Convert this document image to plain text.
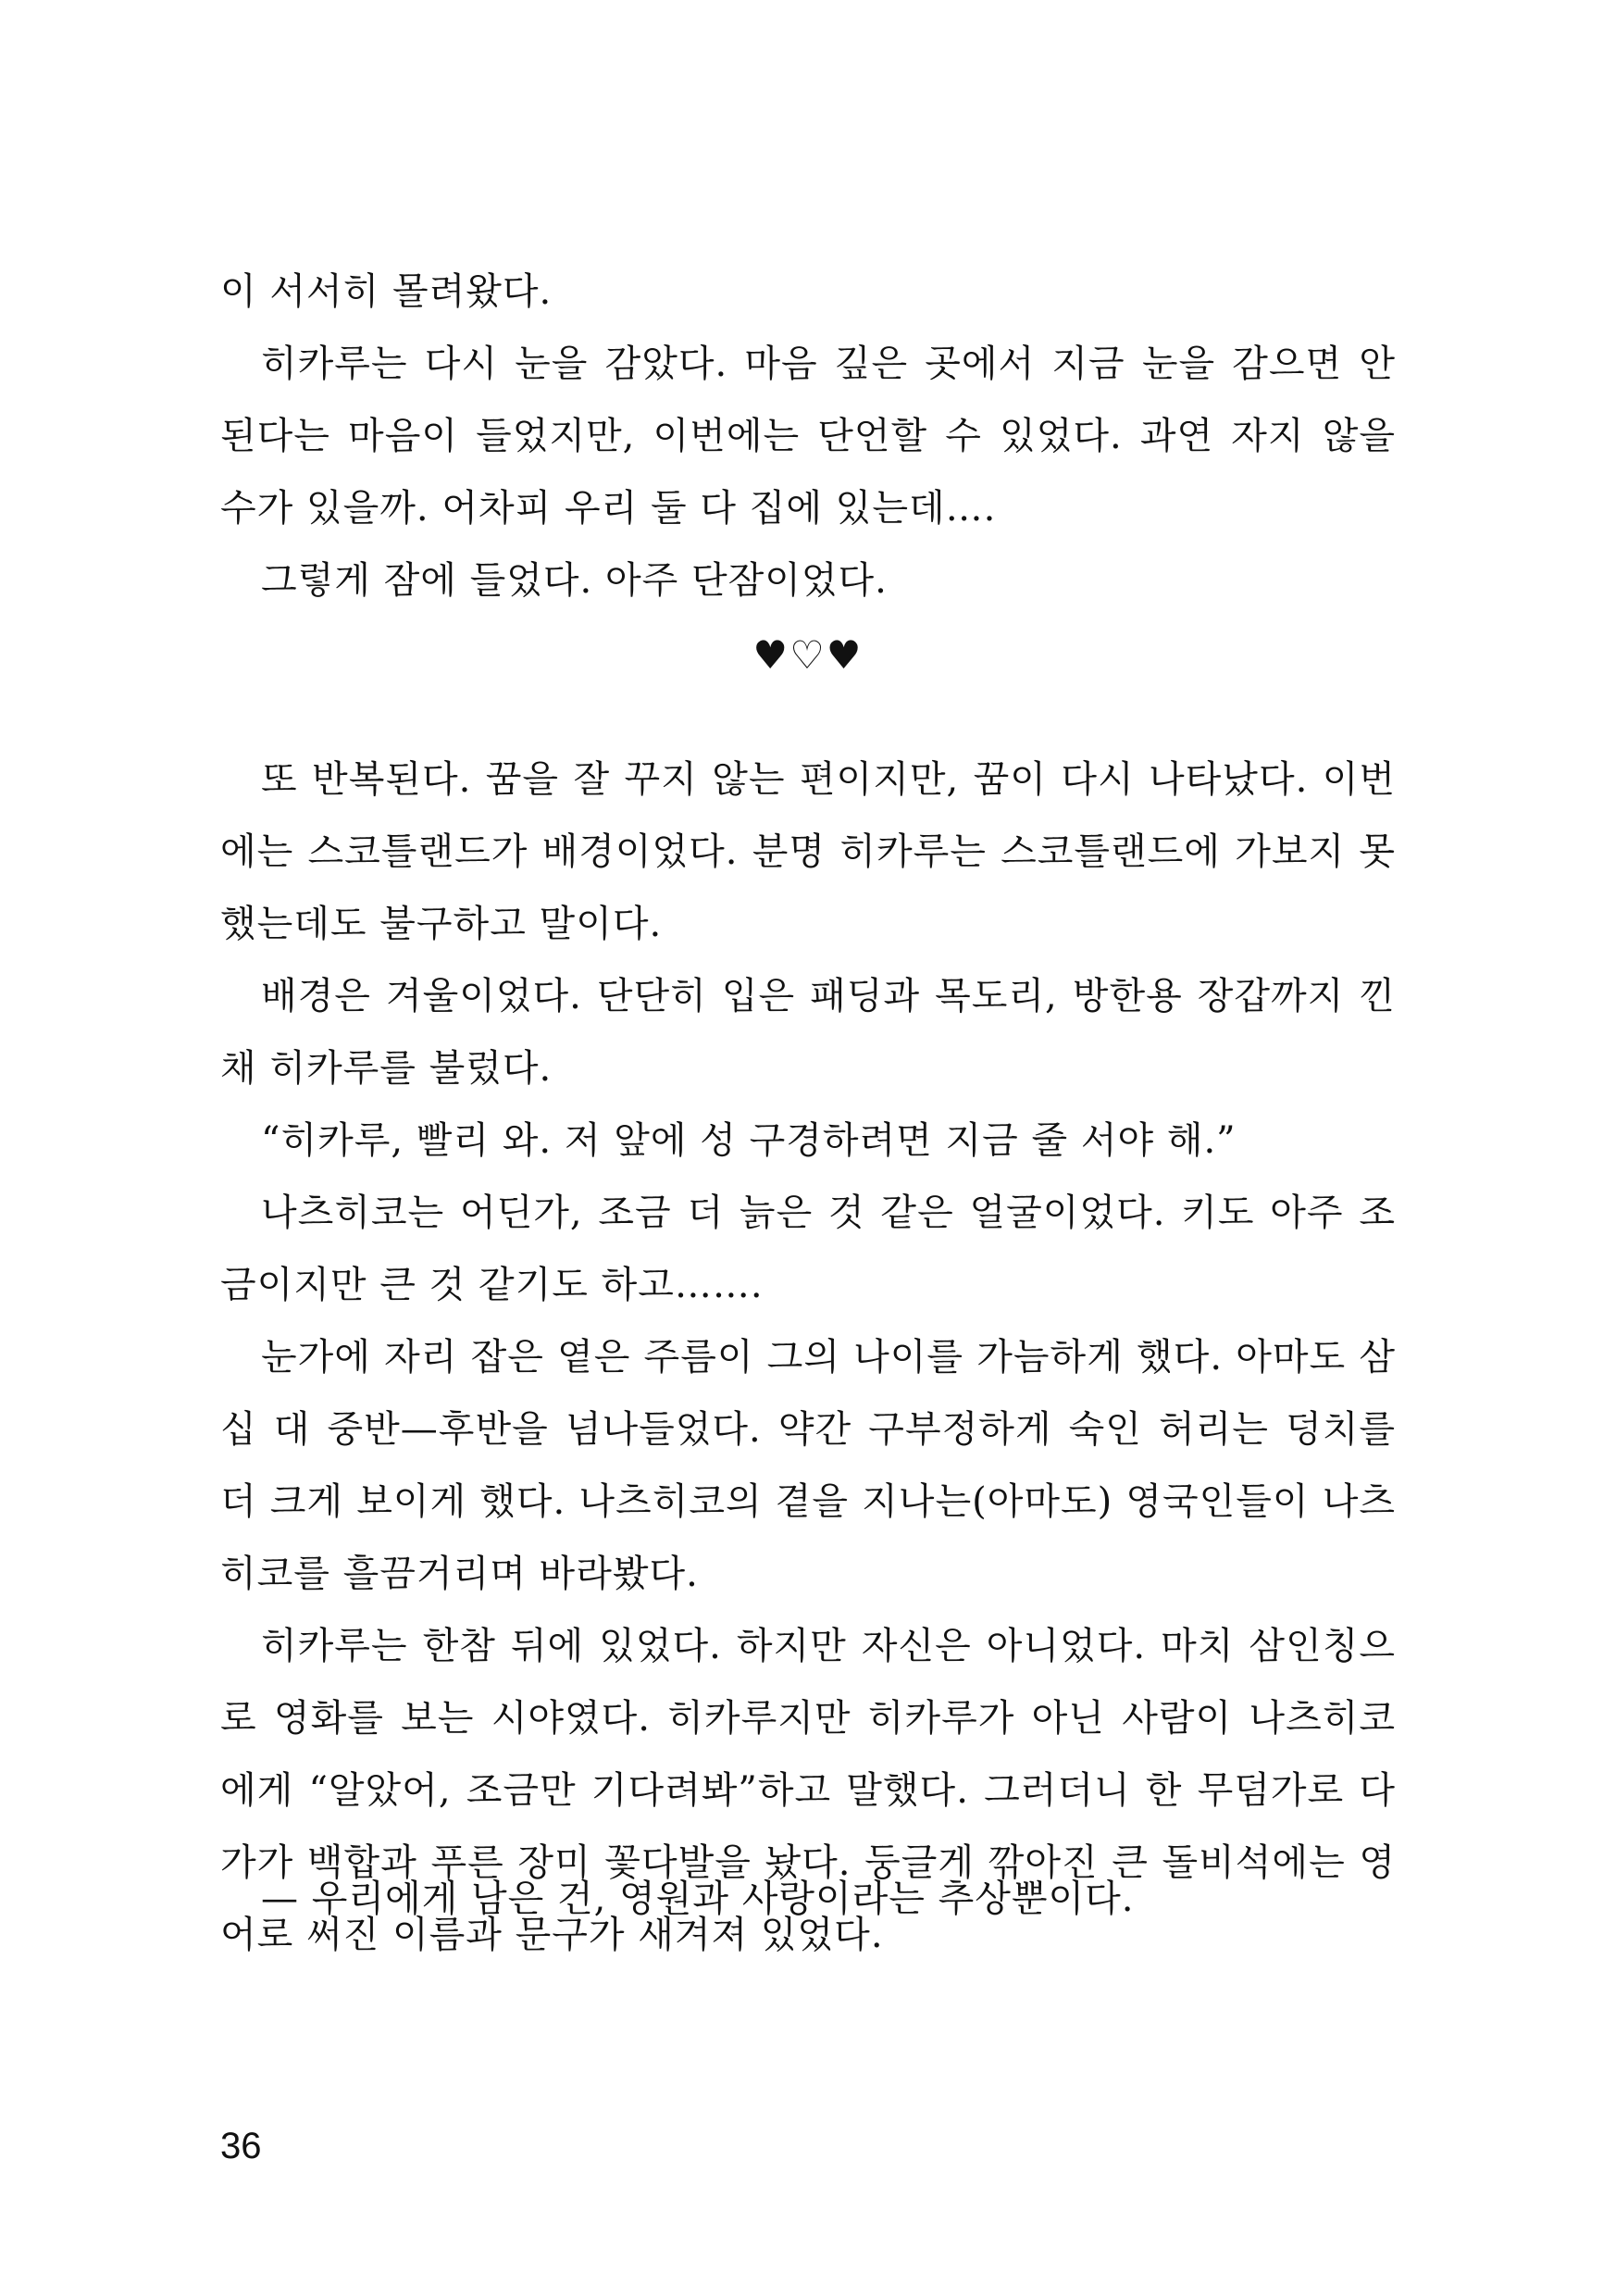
이 서서히 몰려왔다.

히카루는 다시 눈을 감았다. 마음 깊은 곳에서 지금 눈을 감으면 안 된다는 마음이 들었지만, 이번에는 단언할 수 있었다. 과연 자지 않을 수가 있을까. 어차피 우리 둘 다 집에 있는데….

그렇게 잠에 들었다. 아주 단잠이었다.

♥♡♥

또 반복된다. 꿈을 잘 꾸지 않는 편이지만, 꿈이 다시 나타났다. 이번에는 스코틀랜드가 배경이었다. 분명 히카루는 스코틀랜드에 가보지 못했는데도 불구하고 말이다.

배경은 겨울이었다. 단단히 입은 패딩과 목도리, 방한용 장갑까지 낀 채 히카루를 불렀다.

“히카루, 빨리 와. 저 앞에 성 구경하려면 지금 줄 서야 해.”

나츠히코는 어딘가, 조금 더 늙은 것 같은 얼굴이었다. 키도 아주 조금이지만 큰 것 같기도 하고…….

눈가에 자리 잡은 옅은 주름이 그의 나이를 가늠하게 했다. 아마도 삼십 대 중반—후반을 넘나들었다. 약간 구부정하게 숙인 허리는 덩치를 더 크게 보이게 했다. 나츠히코의 곁을 지나는(아마도) 영국인들이 나츠히코를 흘끔거리며 바라봤다.

히카루는 한참 뒤에 있었다. 하지만 자신은 아니었다. 마치 삼인칭으로 영화를 보는 시야였다. 히카루지만 히카루가 아닌 사람이 나츠히코에게 “알았어, 조금만 기다려봐”하고 말했다. 그러더니 한 무덤가로 다가가 백합과 푸른 장미 꽃다발을 놨다. 둥글게 깎아진 큰 돌비석에는 영어로 써진 이름과 문구가 새겨져 있었다.

— 우리에게 남은 건, 영원과 사랑이라는 추상뿐이다.
36
